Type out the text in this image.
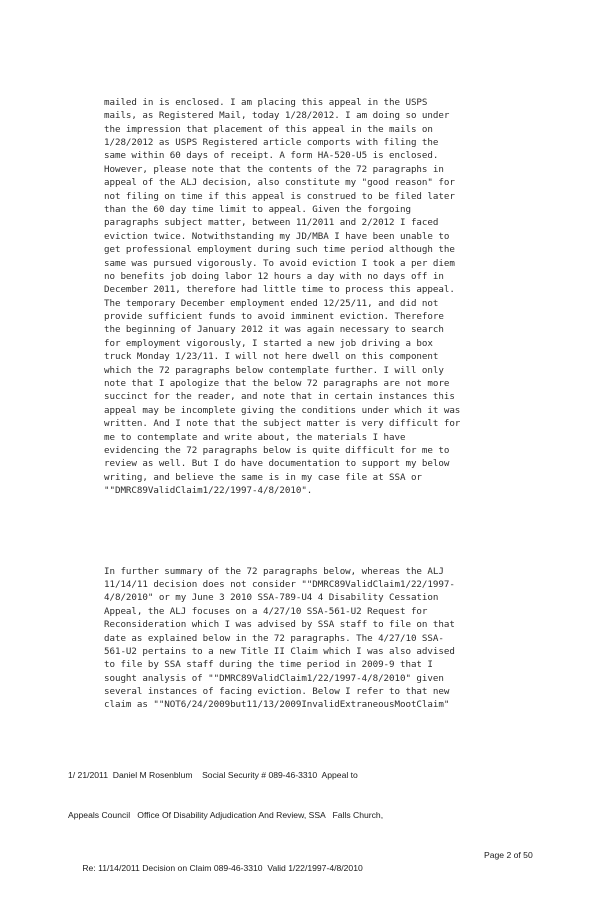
mailed in is enclosed. I am placing this appeal in the USPS
mails, as Registered Mail, today 1/28/2012. I am doing so under
the impression that placement of this appeal in the mails on
1/28/2012 as USPS Registered article comports with filing the
same within 60 days of receipt. A form HA-520-U5 is enclosed.
However, please note that the contents of the 72 paragraphs in
appeal of the ALJ decision, also constitute my "good reason" for
not filing on time if this appeal is construed to be filed later
than the 60 day time limit to appeal. Given the forgoing
paragraphs subject matter, between 11/2011 and 2/2012 I faced
eviction twice. Notwithstanding my JD/MBA I have been unable to
get professional employment during such time period although the
same was pursued vigorously. To avoid eviction I took a per diem
no benefits job doing labor 12 hours a day with no days off in
December 2011, therefore had little time to process this appeal.
The temporary December employment ended 12/25/11, and did not
provide sufficient funds to avoid imminent eviction. Therefore
the beginning of January 2012 it was again necessary to search
for employment vigorously, I started a new job driving a box
truck Monday 1/23/11. I will not here dwell on this component
which the 72 paragraphs below contemplate further. I will only
note that I apologize that the below 72 paragraphs are not more
succinct for the reader, and note that in certain instances this
appeal may be incomplete giving the conditions under which it was
written. And I note that the subject matter is very difficult for
me to contemplate and write about, the materials I have
evidencing the 72 paragraphs below is quite difficult for me to
review as well. But I do have documentation to support my below
writing, and believe the same is in my case file at SSA or
""DMRC89ValidClaim1/22/1997-4/8/2010".

In further summary of the 72 paragraphs below, whereas the ALJ
11/14/11 decision does not consider ""DMRC89ValidClaim1/22/1997-
4/8/2010" or my June 3 2010 SSA-789-U4 4 Disability Cessation
Appeal, the ALJ focuses on a 4/27/10 SSA-561-U2 Request for
Reconsideration which I was advised by SSA staff to file on that
date as explained below in the 72 paragraphs. The 4/27/10 SSA-
561-U2 pertains to a new Title II Claim which I was also advised
to file by SSA staff during the time period in 2009-9 that I
sought analysis of ""DMRC89ValidClaim1/22/1997-4/8/2010" given
several instances of facing eviction. Below I refer to that new
claim as ""NOT6/24/2009but11/13/2009InvalidExtraneousMootClaim"

1/ 21/2011  Daniel M Rosenblum    Social Security # 089-46-3310  Appeal to

Appeals Council   Office Of Disability Adjudication And Review, SSA   Falls Church,

Re: 11/14/2011 Decision on Claim 089-46-3310  Valid 1/22/1997-4/8/2010

Page 2 of 50
